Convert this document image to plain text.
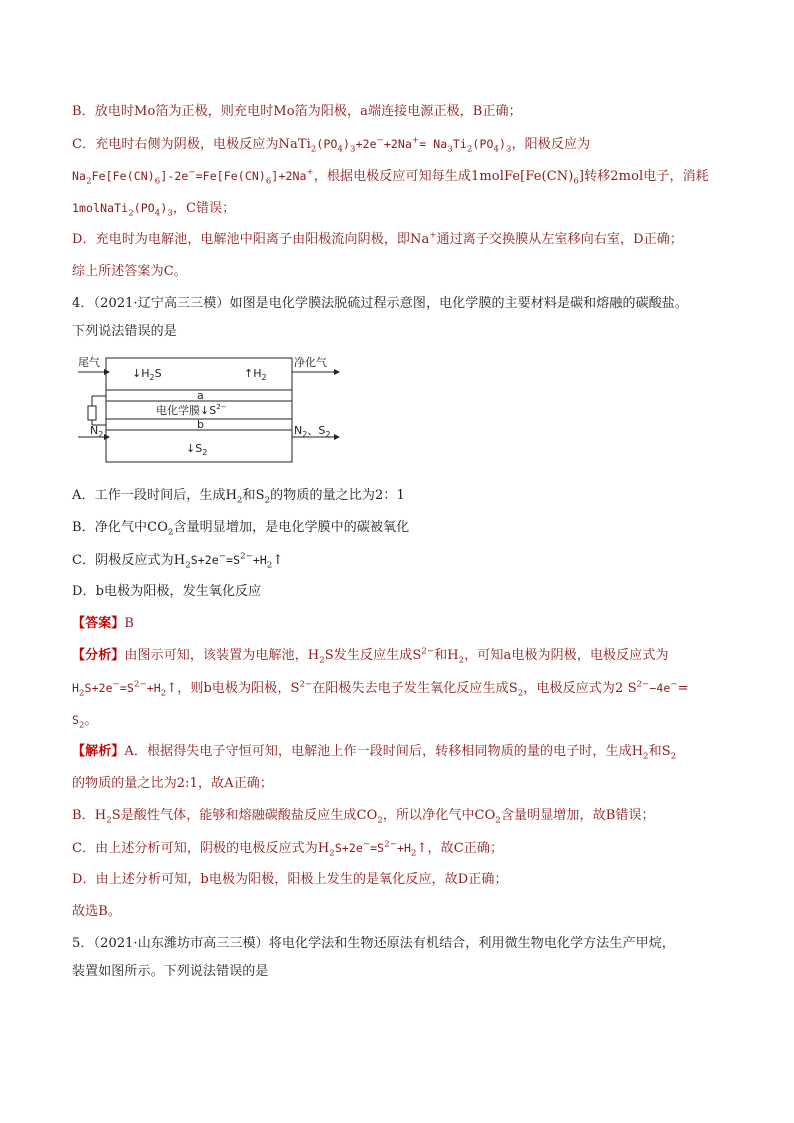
B．放电时Mo箔为正极，则充电时Mo箔为阳极，a端连接电源正极，B正确；
C．充电时右侧为阴极，电极反应为$NaTi_2(PO_4)_3+2e^-+2Na^+= Na_3Ti_2(PO_4)_3$，阳极反应为
$Na_2Fe[Fe(CN)_6]-2e^-=Fe[Fe(CN)_6]+2Na^+$，根据电极反应可知每生成$1molFe[Fe(CN)_6]$转移2mol电子，消耗
$1molNaTi_2(PO_4)_3$，C错误；
D．充电时为电解池，电解池中阳离子由阳极流向阴极，即Na+通过离子交换膜从左室移向右室，D正确；
综上所述答案为C。
4．（2021·辽宁高三三模）如图是电化学膜法脱硫过程示意图，电化学膜的主要材料是碳和熔融的碳酸盐。
下列说法错误的是
尾气	净化气
$↓H_2S$	$↑H_2$
a
电化学膜$↓S^{2-}$
b
$N_2$
$↓S_2$
$N_2$、$S_2$
A．工作一段时间后，生成$H_2$和$S_2$的物质的量之比为2：1
B．净化气中$CO_2$含量明显增加，是电化学膜中的碳被氧化
C．阴极反应式为$H_2S+2e^-=S^{2-}+H_2↑$
D．b电极为阳极，发生氧化反应
【答案】B
【分析】由图示可知，该装置为电解池，$H_2S$发生反应生成$S^{2-}$和$H_2$，可知a电极为阴极，电极反应式为
$H_2S+2e^-=S^{2-}+H_2↑$，则b电极为阳极，$S^{2-}$在阳极失去电子发生氧化反应生成$S_2$，电极反应式为2 $S^{2-}-4e^-=$
$S_2$。
【解析】A．根据得失电子守恒可知，电解池上作一段时间后，转移相同物质的量的电子时，生成$H_2$和$S_2$
的物质的量之比为2:1，故A正确；
B．$H_2S$是酸性气体，能够和熔融碳酸盐反应生成$CO_2$，所以净化气中$CO_2$含量明显增加，故B错误；
C．由上述分析可知，阴极的电极反应式为$H_2S+2e^-=S^{2-}+H_2↑$，故C正确；
D．由上述分析可知，b电极为阳极，阳极上发生的是氧化反应，故D正确；
故选B。
5．（2021·山东潍坊市高三三模）将电化学法和生物还原法有机结合，利用微生物电化学方法生产甲烷，
装置如图所示。下列说法错误的是
